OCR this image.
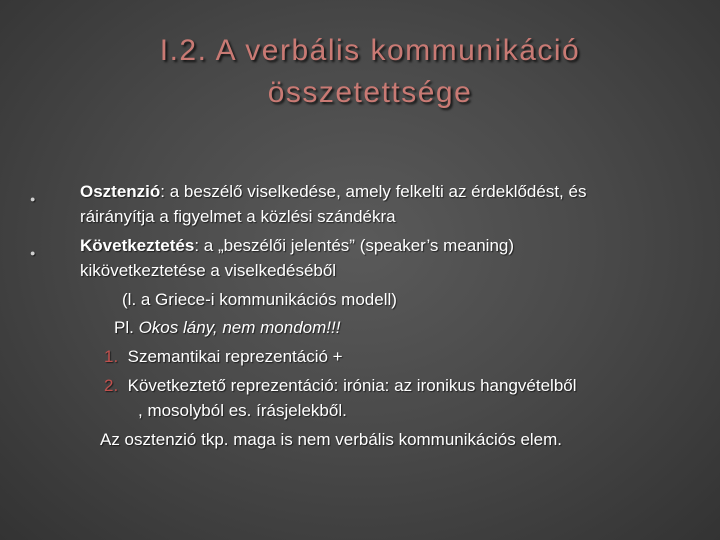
I.2. A verbális kommunikáció
összetettsége
●	Osztenzió: a beszélő viselkedése, amely felkelti az érdeklődést, és
ráirányítja a figyelmet a közlési szándékra
●	Következtetés: a „beszélői jelentés” (speaker’s meaning)
kikövetkeztetése a viselkedéséből
(l. a Griece-i kommunikációs modell)
Pl. Okos lány, nem mondom!!!
1. Szemantikai reprezentáció +
2. Következtető reprezentáció: irónia: az ironikus hangvételből
, mosolyból es. írásjelekből.
Az osztenzió tkp. maga is nem verbális kommunikációs elem.
